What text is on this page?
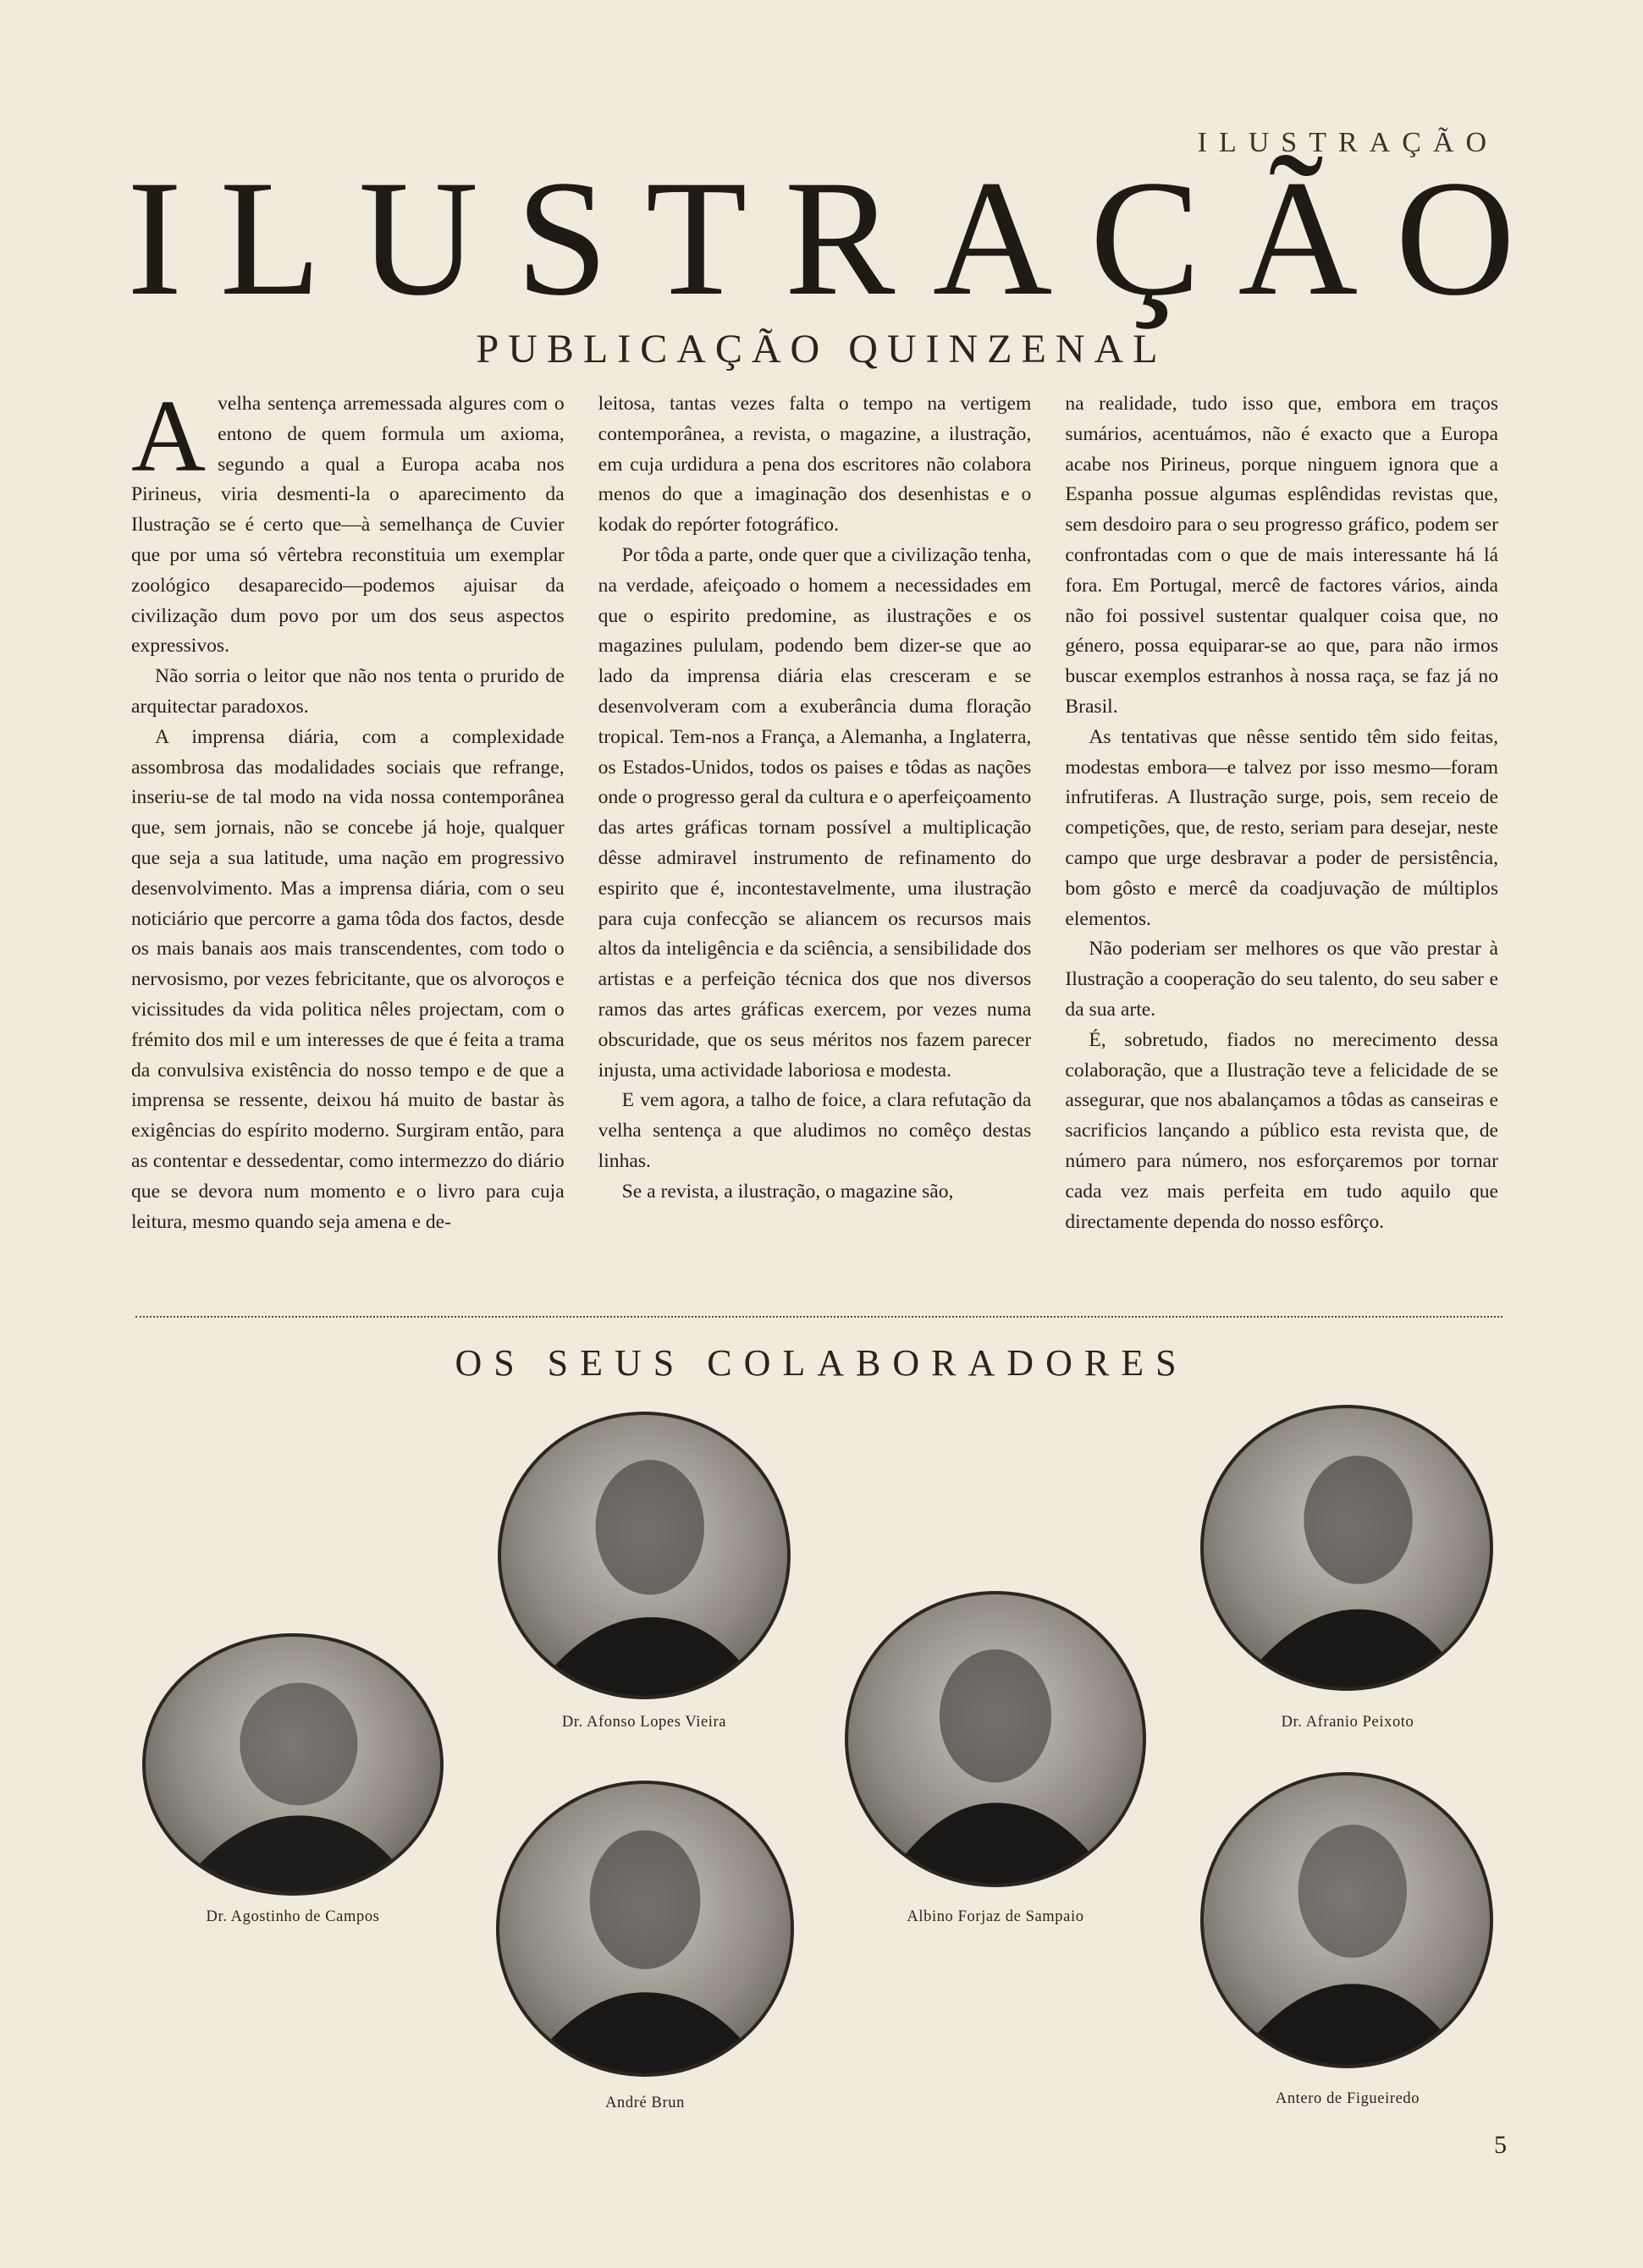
ILUSTRAÇÃO
I L U S T R A Ç Ã O
PUBLICAÇÃO QUINZENAL
A velha sentença arremessada algures com o entono de quem formula um axioma, segundo a qual a Europa acaba nos Pirineus, viria desmenti-la o aparecimento da Ilustração se é certo que—à semelhança de Cuvier que por uma só vêrtebra reconstituia um exemplar zoológico desaparecido—podemos ajuisar da civilização dum povo por um dos seus aspectos expressivos.

Não sorria o leitor que não nos tenta o prurido de arquitectar paradoxos.

A imprensa diária, com a complexidade assombrosa das modalidades sociais que refrange, inseriu-se de tal modo na vida nossa contemporânea que, sem jornais, não se concebe já hoje, qualquer que seja a sua latitude, uma nação em progressivo desenvolvimento. Mas a imprensa diária, com o seu noticiário que percorre a gama tôda dos factos, desde os mais banais aos mais transcendentes, com todo o nervosismo, por vezes febricitante, que os alvoroços e vicissitudes da vida politica nêles projectam, com o frémito dos mil e um interesses de que é feita a trama da convulsiva existência do nosso tempo e de que a imprensa se ressente, deixou há muito de bastar às exigências do espírito moderno. Surgiram então, para as contentar e dessedentar, como intermezzo do diário que se devora num momento e o livro para cuja leitura, mesmo quando seja amena e de-

leitosa, tantas vezes falta o tempo na vertigem contemporânea, a revista, o magazine, a ilustração, em cuja urdidura a pena dos escritores não colabora menos do que a imaginação dos desenhistas e o kodak do repórter fotográfico.

Por tôda a parte, onde quer que a civilização tenha, na verdade, afeiçoado o homem a necessidades em que o espirito predomine, as ilustrações e os magazines pululam, podendo bem dizer-se que ao lado da imprensa diária elas cresceram e se desenvolveram com a exuberância duma floração tropical. Tem-nos a França, a Alemanha, a Inglaterra, os Estados-Unidos, todos os paises e tôdas as nações onde o progresso geral da cultura e o aperfeiçoamento das artes gráficas tornam possível a multiplicação dêsse admiravel instrumento de refinamento do espirito que é, incontestavelmente, uma ilustração para cuja confecção se aliancem os recursos mais altos da inteligência e da sciência, a sensibilidade dos artistas e a perfeição técnica dos que nos diversos ramos das artes gráficas exercem, por vezes numa obscuridade, que os seus méritos nos fazem parecer injusta, uma actividade laboriosa e modesta.

E vem agora, a talho de foice, a clara refutação da velha sentença a que aludimos no comêço destas linhas.

Se a revista, a ilustração, o magazine são,

na realidade, tudo isso que, embora em traços sumários, acentuámos, não é exacto que a Europa acabe nos Pirineus, porque ninguem ignora que a Espanha possue algumas esplêndidas revistas que, sem desdoiro para o seu progresso gráfico, podem ser confrontadas com o que de mais interessante há lá fora. Em Portugal, mercê de factores vários, ainda não foi possivel sustentar qualquer coisa que, no género, possa equiparar-se ao que, para não irmos buscar exemplos estranhos à nossa raça, se faz já no Brasil.

As tentativas que nêsse sentido têm sido feitas, modestas embora—e talvez por isso mesmo—foram infrutiferas. A Ilustração surge, pois, sem receio de competições, que, de resto, seriam para desejar, neste campo que urge desbravar a poder de persistência, bom gôsto e mercê da coadjuvação de múltiplos elementos.

Não poderiam ser melhores os que vão prestar à Ilustração a cooperação do seu talento, do seu saber e da sua arte.

É, sobretudo, fiados no merecimento dessa colaboração, que a Ilustração teve a felicidade de se assegurar, que nos abalançamos a tôdas as canseiras e sacrificios lançando a público esta revista que, de número para número, nos esforçaremos por tornar cada vez mais perfeita em tudo aquilo que directamente dependa do nosso esfôrço.

OS SEUS COLABORADORES
Dr. Agostinho de Campos
Dr. Afonso Lopes Vieira
André Brun
Albino Forjaz de Sampaio
Dr. Afranio Peixoto
Antero de Figueiredo
5
